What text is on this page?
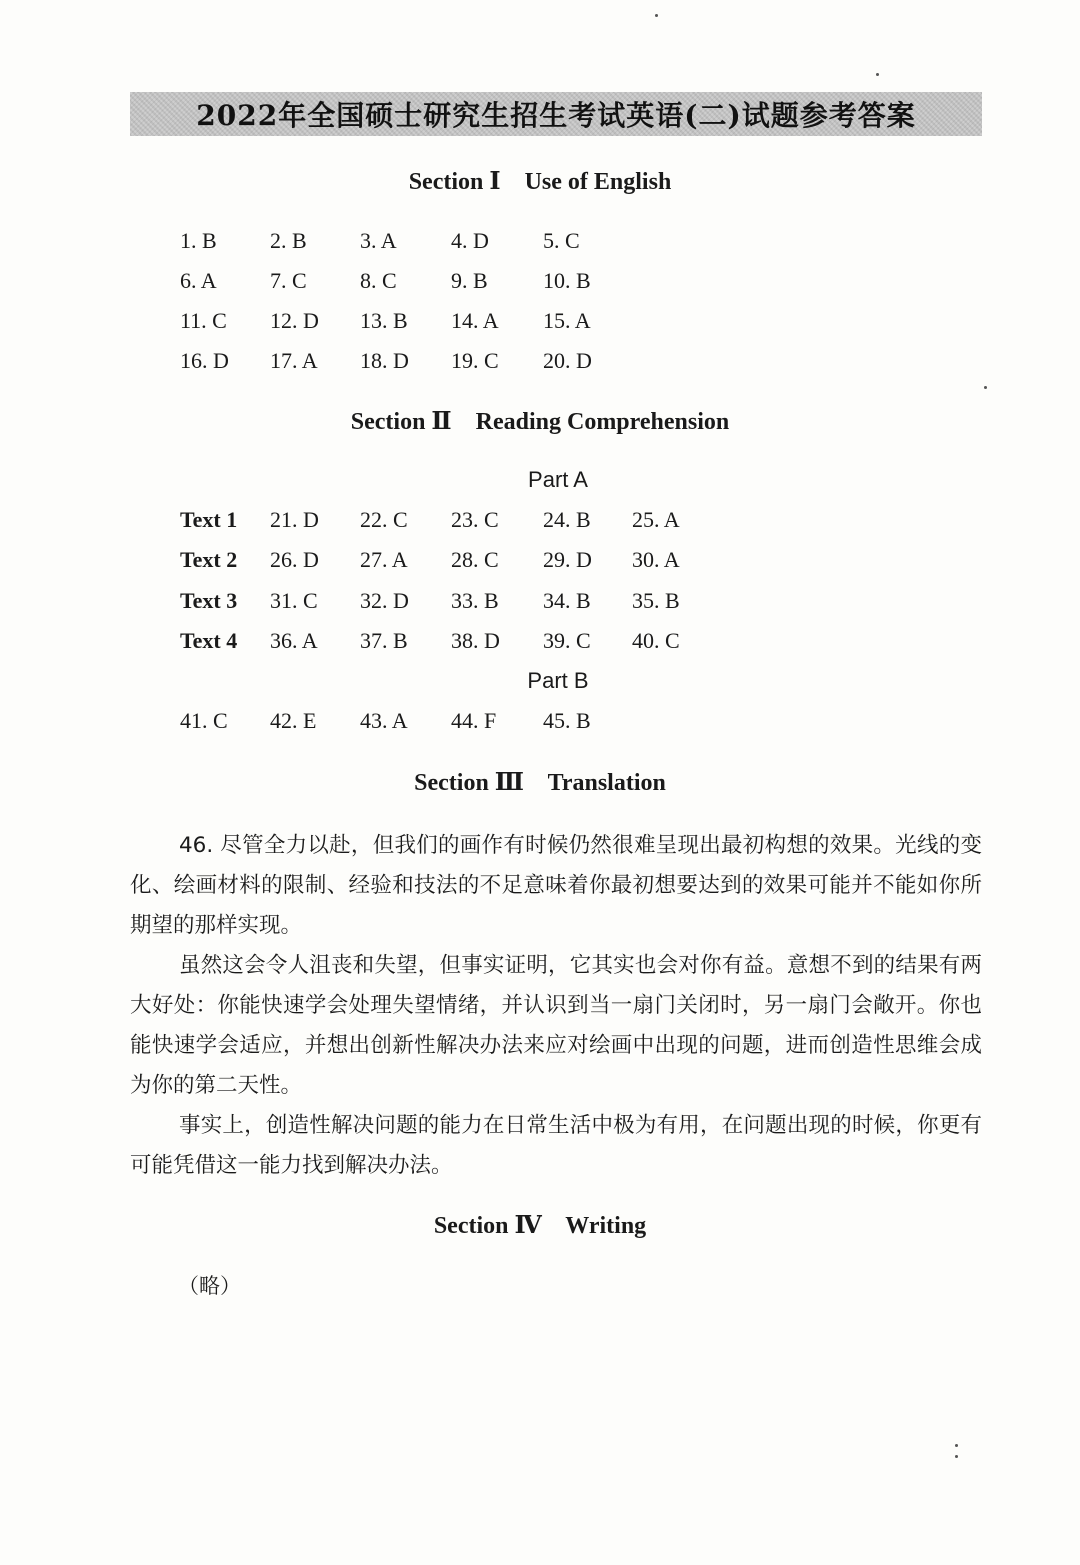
2022年全国硕士研究生招生考试英语(二)试题参考答案
Section Ⅰ    Use of English
1. B 2. B 3. A 4. D 5. C
6. A 7. C 8. C 9. B	10. B
11. C 12. D 13. B 14. A 15. A
16. D 17. A 18. D 19. C 20. D
Section Ⅱ    Reading Comprehension
Part A
Text 1 21. D 22. C 23. C 24. B 25. A
Text 2 26. D 27. A 28. C 29. D 30. A
Text 3 31. C 32. D 33. B 34. B 35. B
Text 4 36. A 37. B 38. D 39. C 40. C
Part B
41. C 42. E 43. A 44. F 45. B
Section Ⅲ    Translation

46. 尽管全力以赴，但我们的画作有时候仍然很难呈现出最初构想的效果。光线的变化、绘画材料的限制、经验和技法的不足意味着你最初想要达到的效果可能并不能如你所期望的那样实现。

虽然这会令人沮丧和失望，但事实证明，它其实也会对你有益。意想不到的结果有两大好处：你能快速学会处理失望情绪，并认识到当一扇门关闭时，另一扇门会敞开。你也能快速学会适应，并想出创新性解决办法来应对绘画中出现的问题，进而创造性思维会成为你的第二天性。

事实上，创造性解决问题的能力在日常生活中极为有用，在问题出现的时候，你更有可能凭借这一能力找到解决办法。

Section Ⅳ    Writing
（略）
